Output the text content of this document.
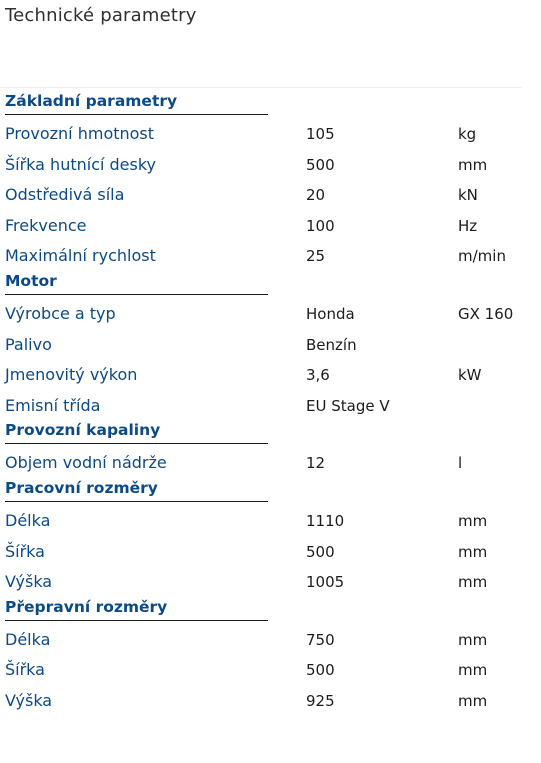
Technické parametry
Základní parametry
Provozní hmotnost	105	kg
Šířka hutnící desky	500	mm
Odstředivá síla	20	kN
Frekvence	100	Hz
Maximální rychlost	25	m/min
Motor
Výrobce a typ	Honda	GX 160
Palivo	Benzín
Jmenovitý výkon	3,6	kW
Emisní třída	EU Stage V
Provozní kapaliny
Objem vodní nádrže	12	l
Pracovní rozměry
Délka	1110	mm
Šířka	500	mm
Výška	1005	mm
Přepravní rozměry
Délka	750	mm
Šířka	500	mm
Výška	925	mm
